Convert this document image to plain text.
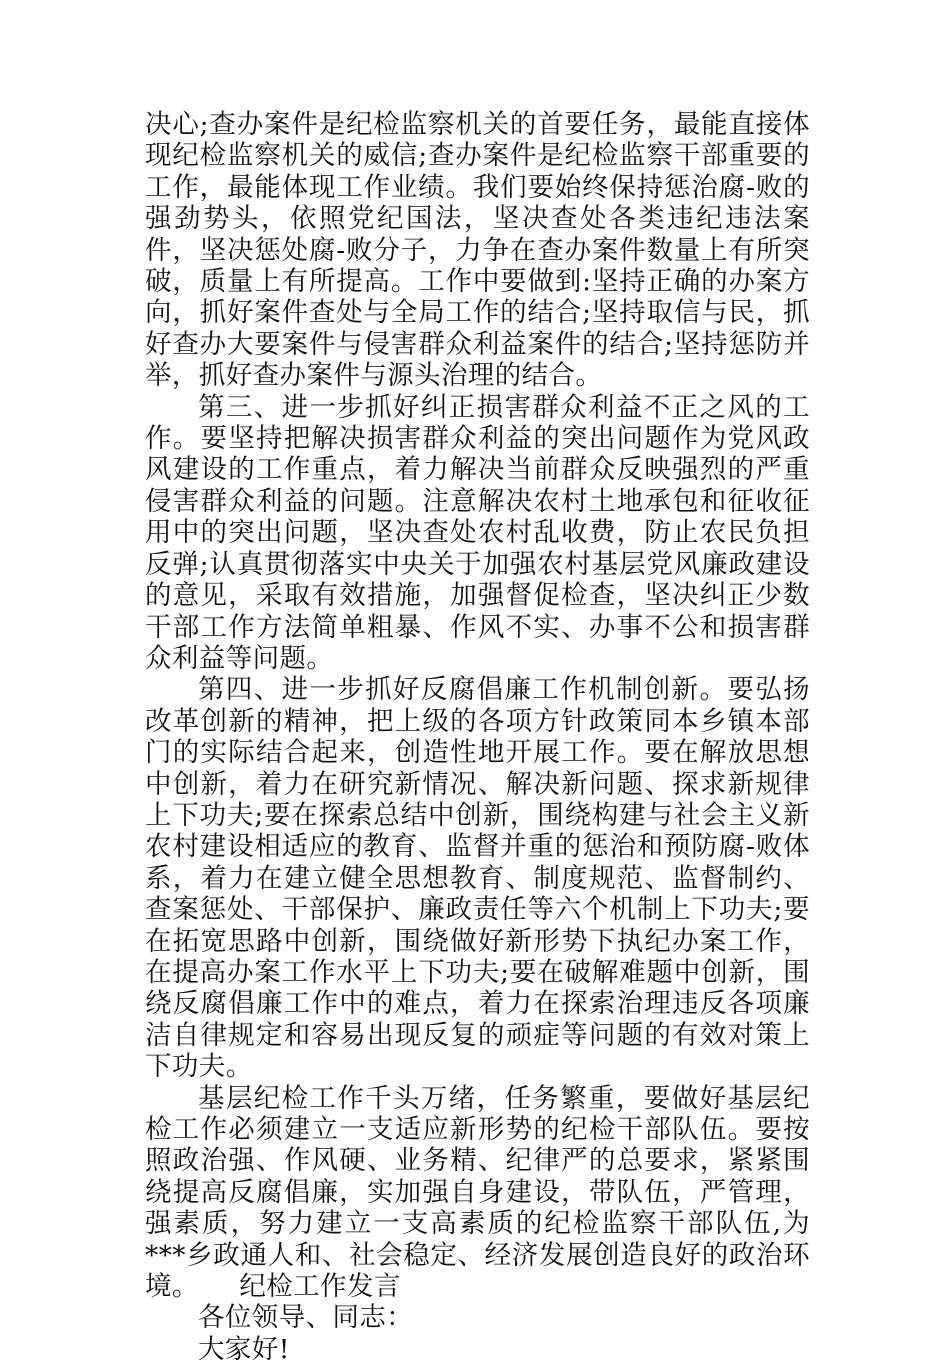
决心;查办案件是纪检监察机关的首要任务，最能直接体现纪检监察机关的威信;查办案件是纪检监察干部重要的工作，最能体现工作业绩。我们要始终保持惩治腐-败的强劲势头，依照党纪国法，坚决查处各类违纪违法案件，坚决惩处腐-败分子，力争在查办案件数量上有所突破，质量上有所提高。工作中要做到:坚持正确的办案方向，抓好案件查处与全局工作的结合;坚持取信与民，抓好查办大要案件与侵害群众利益案件的结合;坚持惩防并举，抓好查办案件与源头治理的结合。

第三、进一步抓好纠正损害群众利益不正之风的工作。要坚持把解决损害群众利益的突出问题作为党风政风建设的工作重点，着力解决当前群众反映强烈的严重侵害群众利益的问题。注意解决农村土地承包和征收征用中的突出问题，坚决查处农村乱收费，防止农民负担反弹;认真贯彻落实中央关于加强农村基层党风廉政建设的意见，采取有效措施，加强督促检查，坚决纠正少数干部工作方法简单粗暴、作风不实、办事不公和损害群众利益等问题。

第四、进一步抓好反腐倡廉工作机制创新。要弘扬改革创新的精神，把上级的各项方针政策同本乡镇本部门的实际结合起来，创造性地开展工作。要在解放思想中创新，着力在研究新情况、解决新问题、探求新规律上下功夫;要在探索总结中创新，围绕构建与社会主义新农村建设相适应的教育、监督并重的惩治和预防腐-败体系，着力在建立健全思想教育、制度规范、监督制约、查案惩处、干部保护、廉政责任等六个机制上下功夫;要在拓宽思路中创新，围绕做好新形势下执纪办案工作，在提高办案工作水平上下功夫;要在破解难题中创新，围绕反腐倡廉工作中的难点，着力在探索治理违反各项廉洁自律规定和容易出现反复的顽症等问题的有效对策上下功夫。

基层纪检工作千头万绪，任务繁重，要做好基层纪检工作必须建立一支适应新形势的纪检干部队伍。要按照政治强、作风硬、业务精、纪律严的总要求，紧紧围绕提高反腐倡廉，实加强自身建设，带队伍，严管理，强素质，努力建立一支高素质的纪检监察干部队伍,为***乡政通人和、社会稳定、经济发展创造良好的政治环境。　　纪检工作发言

各位领导、同志：

大家好!
